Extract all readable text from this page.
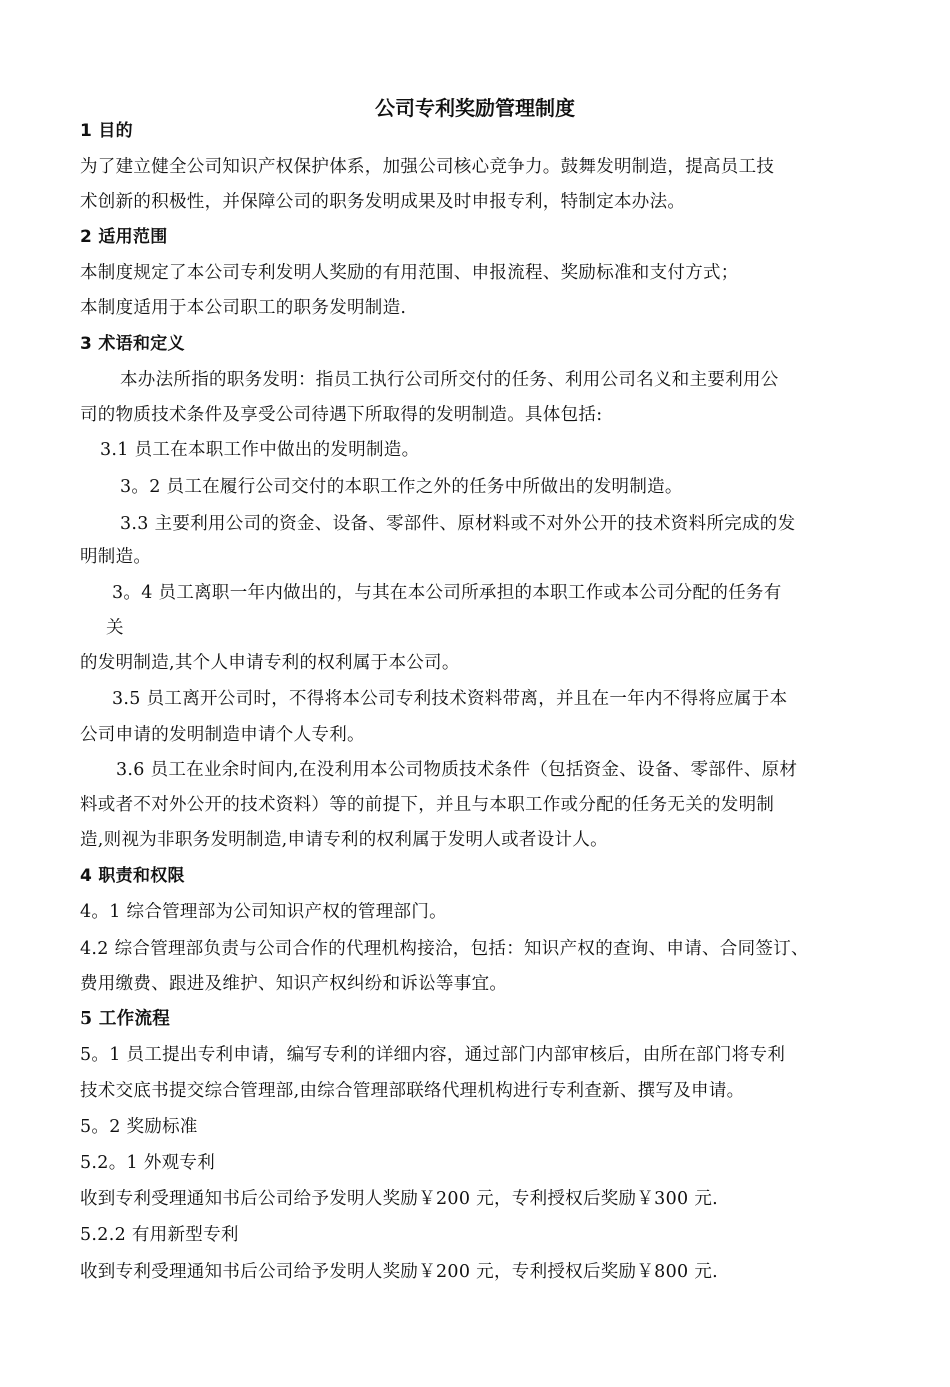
公司专利奖励管理制度
1 目的
为了建立健全公司知识产权保护体系，加强公司核心竞争力。鼓舞发明制造，提高员工技
术创新的积极性，并保障公司的职务发明成果及时申报专利，特制定本办法。
2 适用范围
本制度规定了本公司专利发明人奖励的有用范围、申报流程、奖励标准和支付方式；
本制度适用于本公司职工的职务发明制造.
3 术语和定义
本办法所指的职务发明：指员工执行公司所交付的任务、利用公司名义和主要利用公
司的物质技术条件及享受公司待遇下所取得的发明制造。具体包括:
3.1 员工在本职工作中做出的发明制造。
3。2 员工在履行公司交付的本职工作之外的任务中所做出的发明制造。
3.3 主要利用公司的资金、设备、零部件、原材料或不对外公开的技术资料所完成的发
明制造。
3。4 员工离职一年内做出的，与其在本公司所承担的本职工作或本公司分配的任务有
关
的发明制造,其个人申请专利的权利属于本公司。
3.5 员工离开公司时，不得将本公司专利技术资料带离，并且在一年内不得将应属于本
公司申请的发明制造申请个人专利。
3.6 员工在业余时间内,在没利用本公司物质技术条件（包括资金、设备、零部件、原材
料或者不对外公开的技术资料）等的前提下，并且与本职工作或分配的任务无关的发明制
造,则视为非职务发明制造,申请专利的权利属于发明人或者设计人。
4 职责和权限
4。1 综合管理部为公司知识产权的管理部门。
4.2 综合管理部负责与公司合作的代理机构接洽，包括：知识产权的查询、申请、合同签订、
费用缴费、跟进及维护、知识产权纠纷和诉讼等事宜。
5 工作流程
5。1 员工提出专利申请，编写专利的详细内容，通过部门内部审核后，由所在部门将专利
技术交底书提交综合管理部,由综合管理部联络代理机构进行专利查新、撰写及申请。
5。2 奖励标准
5.2。1 外观专利
收到专利受理通知书后公司给予发明人奖励￥200 元，专利授权后奖励￥300 元.
5.2.2 有用新型专利
收到专利受理通知书后公司给予发明人奖励￥200 元，专利授权后奖励￥800 元.
